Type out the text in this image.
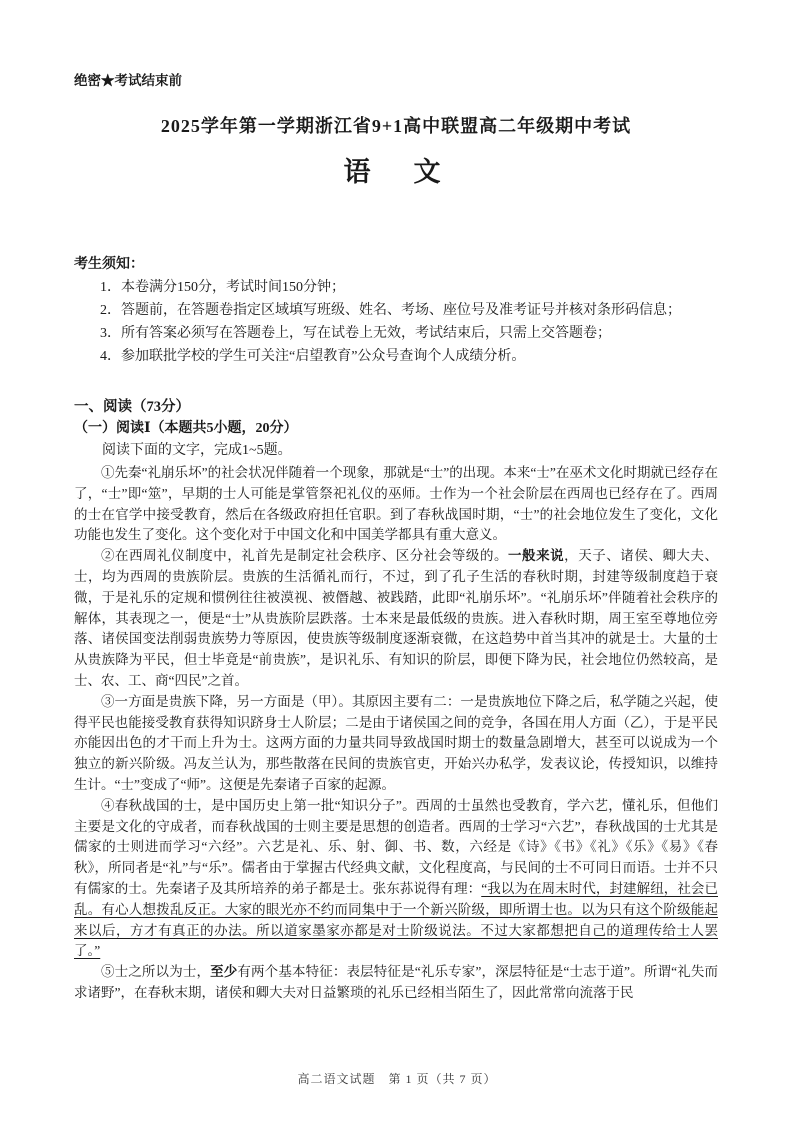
绝密★考试结束前
2025学年第一学期浙江省9+1高中联盟高二年级期中考试
语　文
考生须知：
1．本卷满分150分，考试时间150分钟；
2．答题前，在答题卷指定区域填写班级、姓名、考场、座位号及准考证号并核对条形码信息；
3．所有答案必须写在答题卷上，写在试卷上无效，考试结束后，只需上交答题卷；
4．参加联批学校的学生可关注“启望教育”公众号查询个人成绩分析。
一、阅读（73分）
（一）阅读Ⅰ（本题共5小题，20分）
阅读下面的文字，完成1~5题。

①先秦“礼崩乐坏”的社会状况伴随着一个现象，那就是“士”的出现。本来“士”在巫术文化时期就已经存在了，“士”即“筮”，早期的士人可能是掌管祭祀礼仪的巫师。士作为一个社会阶层在西周也已经存在了。西周的士在官学中接受教育，然后在各级政府担任官职。到了春秋战国时期，“士”的社会地位发生了变化，文化功能也发生了变化。这个变化对于中国文化和中国美学都具有重大意义。

②在西周礼仪制度中，礼首先是制定社会秩序、区分社会等级的。一般来说，天子、诸侯、卿大夫、士，均为西周的贵族阶层。贵族的生活循礼而行，不过，到了孔子生活的春秋时期，封建等级制度趋于衰微，于是礼乐的定规和惯例往往被漠视、被僭越、被践踏，此即“礼崩乐坏”。“礼崩乐坏”伴随着社会秩序的解体，其表现之一，便是“士”从贵族阶层跌落。士本来是最低级的贵族。进入春秋时期，周王室至尊地位旁落、诸侯国变法削弱贵族势力等原因，使贵族等级制度逐渐衰微，在这趋势中首当其冲的就是士。大量的士从贵族降为平民，但士毕竟是“前贵族”，是识礼乐、有知识的阶层，即便下降为民，社会地位仍然较高，是士、农、工、商“四民”之首。

③一方面是贵族下降，另一方面是（甲）。其原因主要有二：一是贵族地位下降之后，私学随之兴起，使得平民也能接受教育获得知识跻身士人阶层；二是由于诸侯国之间的竞争，各国在用人方面（乙），于是平民亦能因出色的才干而上升为士。这两方面的力量共同导致战国时期士的数量急剧增大，甚至可以说成为一个独立的新兴阶级。冯友兰认为，那些散落在民间的贵族官吏，开始兴办私学，发表议论，传授知识，以维持生计。“士”变成了“师”。这便是先秦诸子百家的起源。

④春秋战国的士，是中国历史上第一批“知识分子”。西周的士虽然也受教育，学六艺，懂礼乐，但他们主要是文化的守成者，而春秋战国的士则主要是思想的创造者。西周的士学习“六艺”，春秋战国的士尤其是儒家的士则进而学习“六经”。六艺是礼、乐、射、御、书、数，六经是《诗》《书》《礼》《乐》《易》《春秋》，所同者是“礼”与“乐”。儒者由于掌握古代经典文献，文化程度高，与民间的士不可同日而语。士并不只有儒家的士。先秦诸子及其所培养的弟子都是士。张东荪说得有理：“我以为在周末时代，封建解纽，社会已乱。有心人想拨乱反正。大家的眼光亦不约而同集中于一个新兴阶级，即所谓士也。以为只有这个阶级能起来以后，方才有真正的办法。所以道家墨家亦都是对士阶级说法。不过大家都想把自己的道理传给士人罢了。”

⑤士之所以为士，至少有两个基本特征：表层特征是“礼乐专家”，深层特征是“士志于道”。所谓“礼失而求诸野”，在春秋末期，诸侯和卿大夫对日益繁琐的礼乐已经相当陌生了，因此常常向流落于民

高二语文试题　第 1 页（共 7 页）
